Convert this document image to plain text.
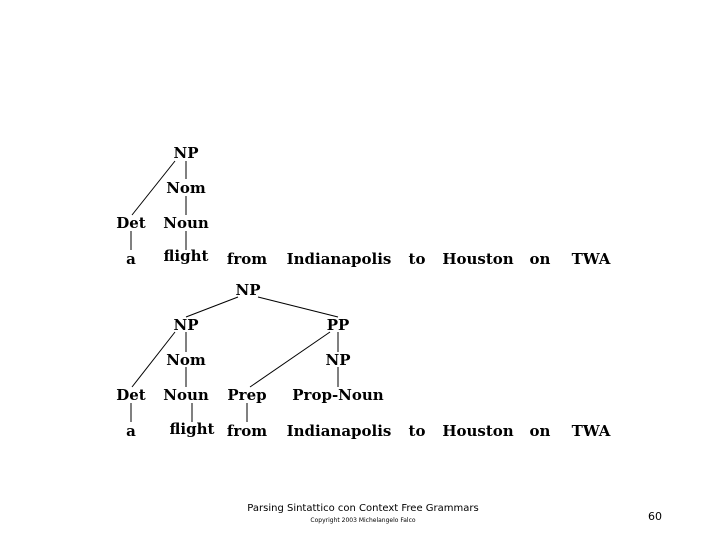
NP
Nom
Det Noun
a flight from Indianapolis to Houston on TWA
NP
NP	PP
Nom	NP
Det Noun Prep Prop-Noun
a flight from Indianapolis to Houston on TWA
Parsing Sintattico con Context Free Grammars
Copyright 2003 Michelangelo Falco	60
